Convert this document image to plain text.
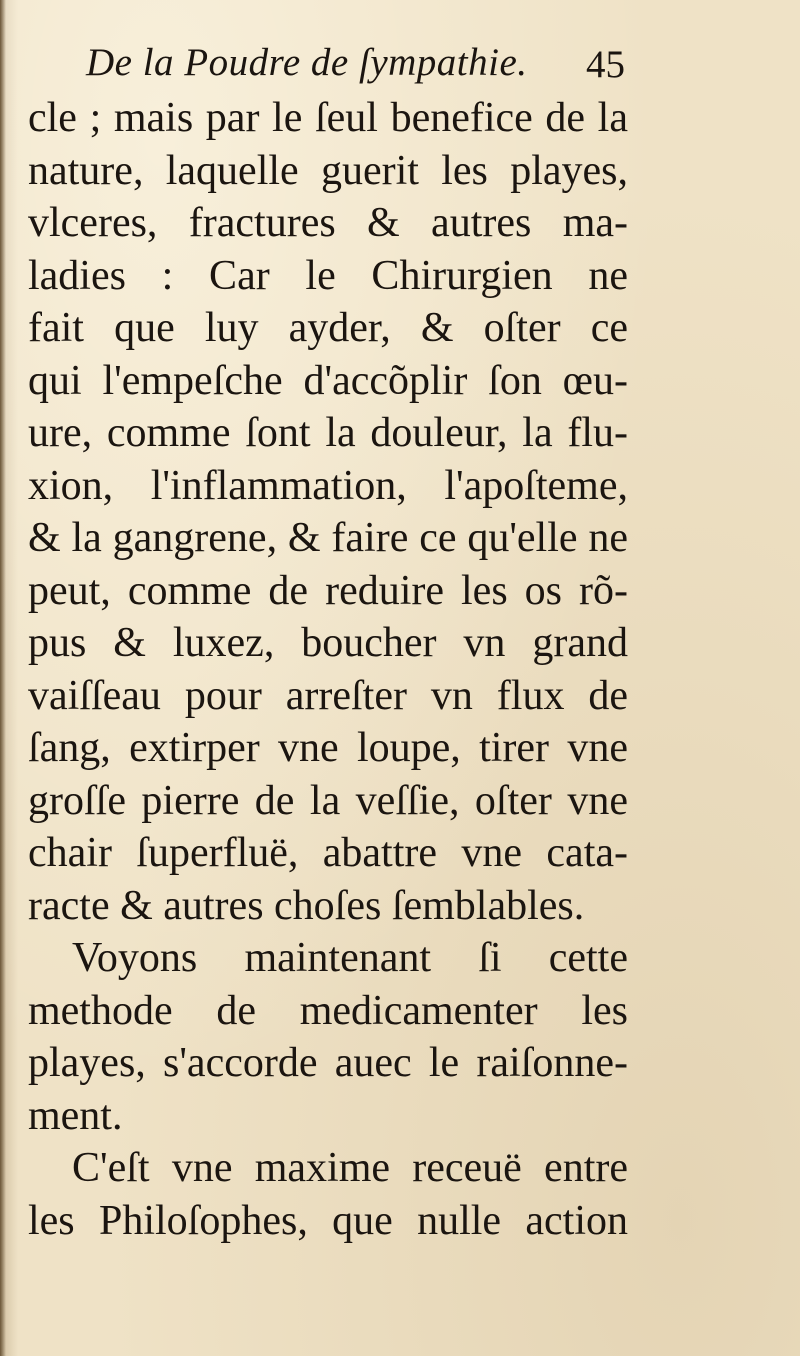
De la Poudre de ſympathie. 45
cle ; mais par le ſeul benefice de la
nature, laquelle guerit les playes,
vlceres, fractures & autres ma-
ladies : Car le Chirurgien ne
fait que luy ayder, & oſter ce
qui l'empeſche d'accõplir ſon œu-
ure, comme ſont la douleur, la flu-
xion, l'inflammation, l'apoſteme,
& la gangrene, & faire ce qu'elle ne
peut, comme de reduire les os rõ-
pus & luxez, boucher vn grand
vaiſſeau pour arreſter vn flux de
ſang, extirper vne loupe, tirer vne
groſſe pierre de la veſſie, oſter vne
chair ſuperfluë, abattre vne cata-
racte & autres choſes ſemblables.
Voyons maintenant ſi cette
methode de medicamenter les
playes, s'accorde auec le raiſonne-
ment.
C'eſt vne maxime receuë entre
les Philoſophes, que nulle action
